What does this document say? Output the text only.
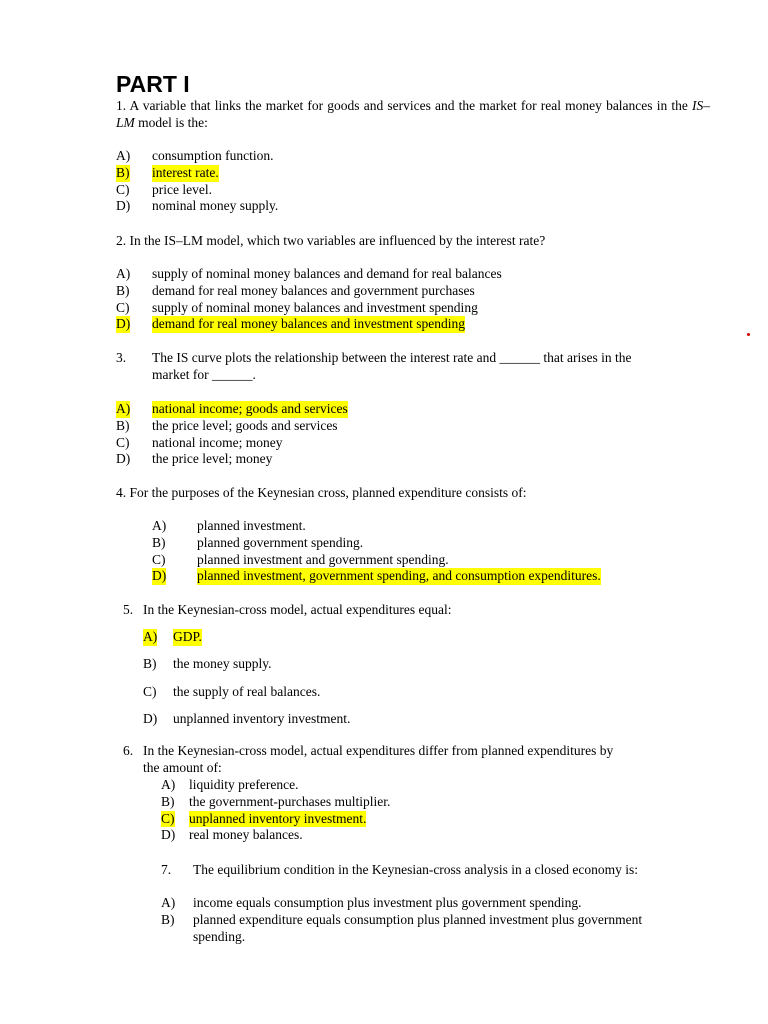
PART I

1. A variable that links the market for goods and services and the market for real money balances in the IS–LM model is the:

A) consumption function.
B) interest rate.
C) price level.
D) nominal money supply.

2. In the IS–LM model, which two variables are influenced by the interest rate?

A) supply of nominal money balances and demand for real balances
B) demand for real money balances and government purchases
C) supply of nominal money balances and investment spending
D) demand for real money balances and investment spending
3. The IS curve plots the relationship between the interest rate and ______ that arises in the
market for ______.
A) national income; goods and services
B) the price level; goods and services
C) national income; money
D) the price level; money

4. For the purposes of the Keynesian cross, planned expenditure consists of:

A) planned investment.
B) planned government spending.
C) planned investment and government spending.
D) planned investment, government spending, and consumption expenditures.
5. In the Keynesian-cross model, actual expenditures equal:
A) GDP.
B) the money supply.
C) the supply of real balances.
D) unplanned inventory investment.
6. In the Keynesian-cross model, actual expenditures differ from planned expenditures by
the amount of:
A) liquidity preference.
B) the government-purchases multiplier.
C) unplanned inventory investment.
D) real money balances.
7. The equilibrium condition in the Keynesian-cross analysis in a closed economy is:
A) income equals consumption plus investment plus government spending.
B) planned expenditure equals consumption plus planned investment plus government
spending.
